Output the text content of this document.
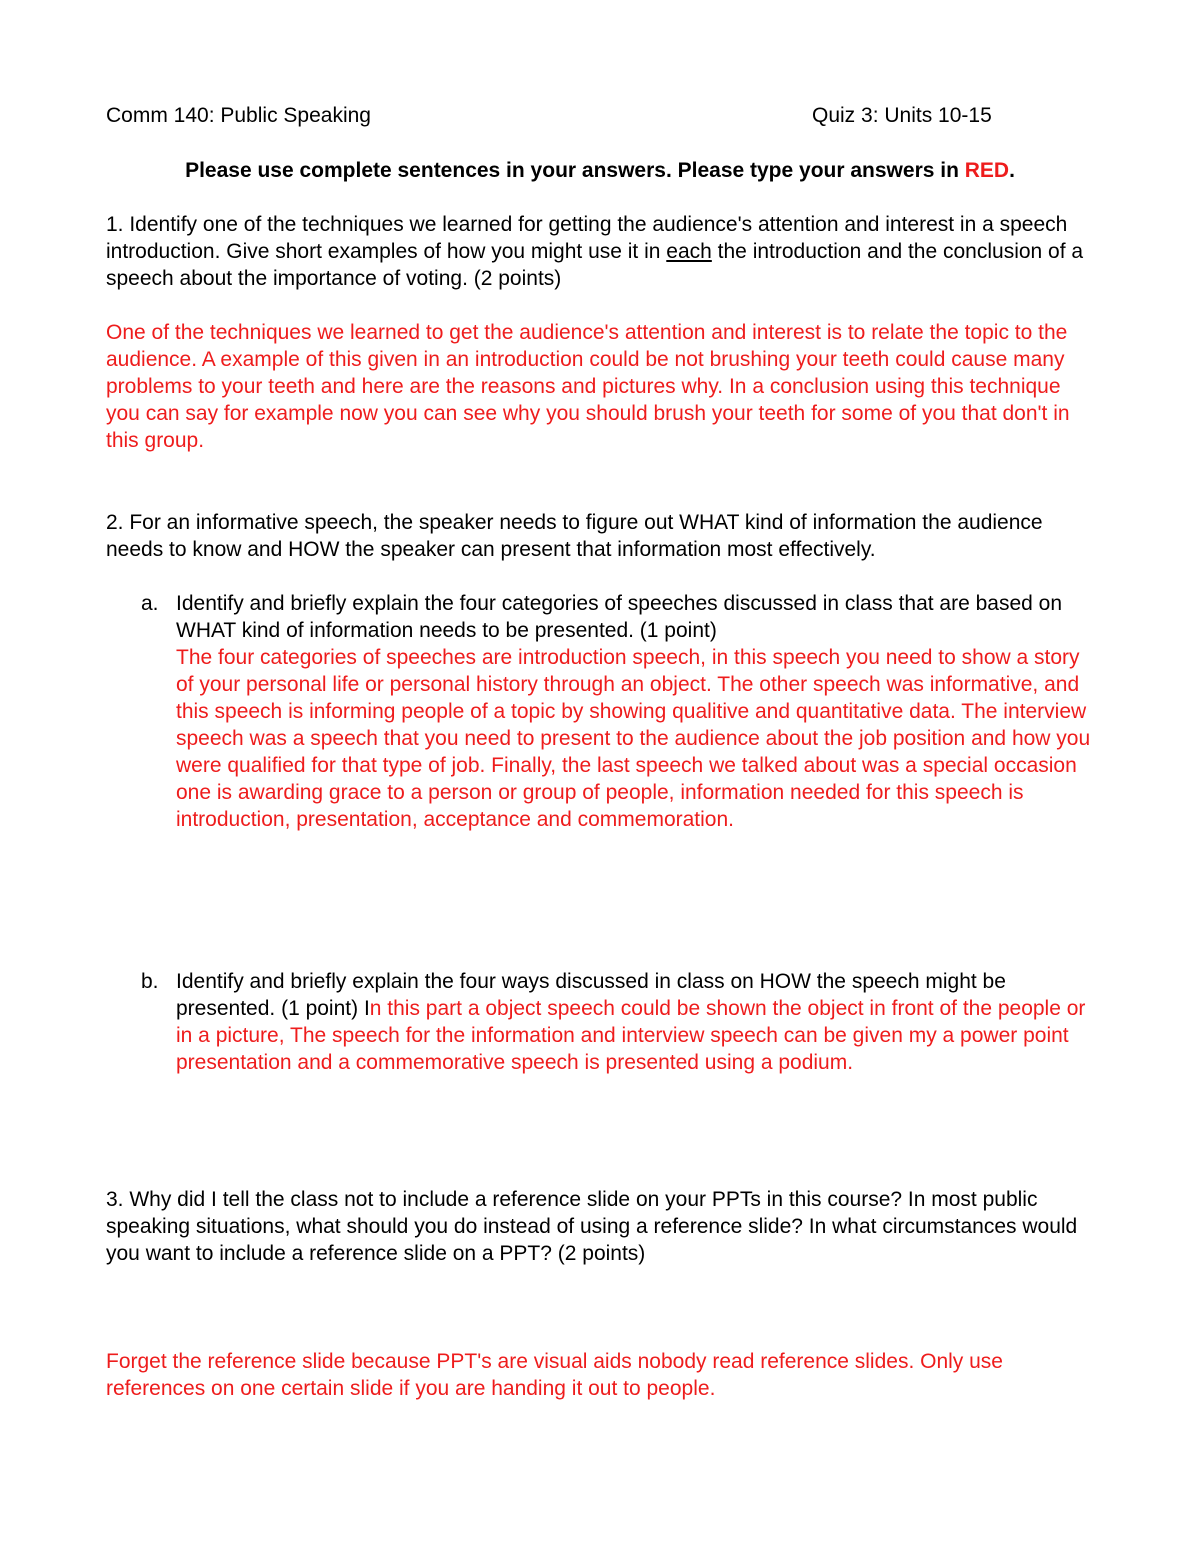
Comm 140: Public Speaking	Quiz 3: Units 10-15
Please use complete sentences in your answers. Please type your answers in RED.
1. Identify one of the techniques we learned for getting the audience's attention and interest in a speech introduction. Give short examples of how you might use it in each the introduction and the conclusion of a speech about the importance of voting. (2 points)
One of the techniques we learned to get the audience's attention and interest is to relate the topic to the audience. A example of this given in an introduction could be not brushing your teeth could cause many problems to your teeth and here are the reasons and pictures why. In a conclusion using this technique you can say for example now you can see why you should brush your teeth for some of you that don't in this group.
2. For an informative speech, the speaker needs to figure out WHAT kind of information the audience needs to know and HOW the speaker can present that information most effectively.
a. Identify and briefly explain the four categories of speeches discussed in class that are based on WHAT kind of information needs to be presented. (1 point)
The four categories of speeches are introduction speech, in this speech you need to show a story of your personal life or personal history through an object. The other speech was informative, and this speech is informing people of a topic by showing qualitive and quantitative data. The interview speech was a speech that you need to present to the audience about the job position and how you were qualified for that type of job. Finally, the last speech we talked about was a special occasion one is awarding grace to a person or group of people, information needed for this speech is introduction, presentation, acceptance and commemoration.
b. Identify and briefly explain the four ways discussed in class on HOW the speech might be presented. (1 point) In this part a object speech could be shown the object in front of the people or in a picture, The speech for the information and interview speech can be given my a power point presentation and a commemorative speech is presented using a podium.
3. Why did I tell the class not to include a reference slide on your PPTs in this course? In most public speaking situations, what should you do instead of using a reference slide? In what circumstances would you want to include a reference slide on a PPT? (2 points)
Forget the reference slide because PPT's are visual aids nobody read reference slides. Only use references on one certain slide if you are handing it out to people.
